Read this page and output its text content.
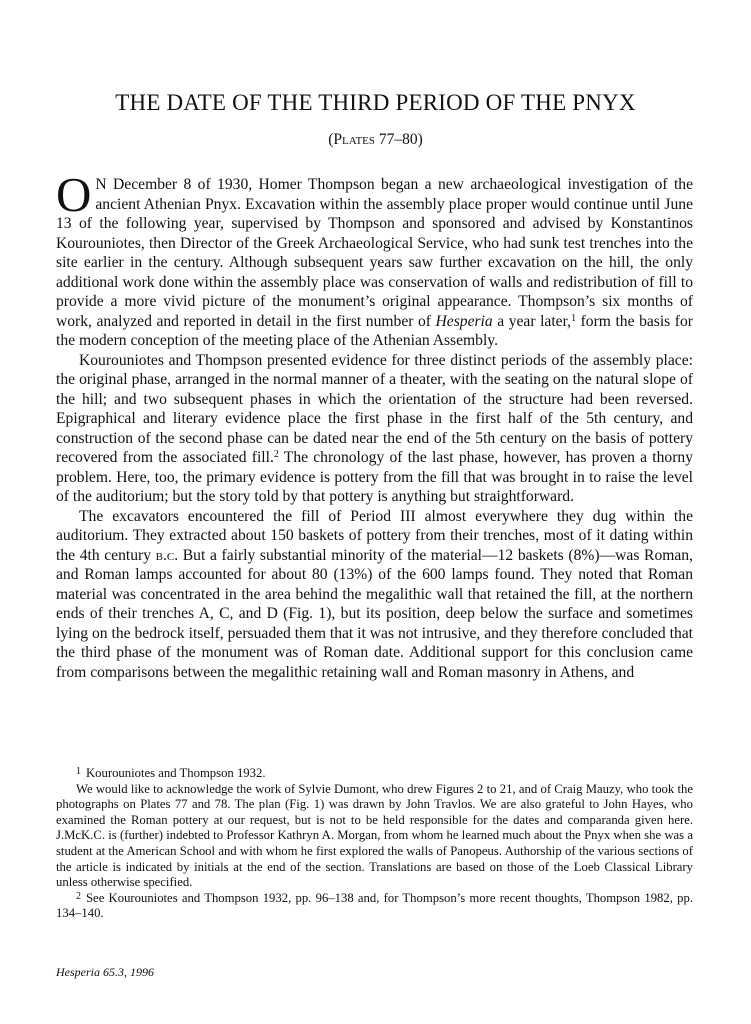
THE DATE OF THE THIRD PERIOD OF THE PNYX
(Plates 77–80)

O N December 8 of 1930, Homer Thompson began a new archaeological investigation of the ancient Athenian Pnyx. Excavation within the assembly place proper would continue until June 13 of the following year, supervised by Thompson and sponsored and advised by Konstantinos Kourouniotes, then Director of the Greek Archaeological Service, who had sunk test trenches into the site earlier in the century. Although subsequent years saw further excavation on the hill, the only additional work done within the assembly place was conservation of walls and redistribution of fill to provide a more vivid picture of the monument’s original appearance. Thompson’s six months of work, analyzed and reported in detail in the first number of Hesperia a year later,$^1$ form the basis for the modern conception of the meeting place of the Athenian Assembly.

Kourouniotes and Thompson presented evidence for three distinct periods of the assembly place: the original phase, arranged in the normal manner of a theater, with the seating on the natural slope of the hill; and two subsequent phases in which the orientation of the structure had been reversed. Epigraphical and literary evidence place the first phase in the first half of the 5th century, and construction of the second phase can be dated near the end of the 5th century on the basis of pottery recovered from the associated fill.$^2$ The chronology of the last phase, however, has proven a thorny problem. Here, too, the primary evidence is pottery from the fill that was brought in to raise the level of the auditorium; but the story told by that pottery is anything but straightforward.

The excavators encountered the fill of Period III almost everywhere they dug within the auditorium. They extracted about 150 baskets of pottery from their trenches, most of it dating within the 4th century b.c. But a fairly substantial minority of the material—12 baskets (8%)—was Roman, and Roman lamps accounted for about 80 (13%) of the 600 lamps found. They noted that Roman material was concentrated in the area behind the megalithic wall that retained the fill, at the northern ends of their trenches A, C, and D (Fig. 1), but its position, deep below the surface and sometimes lying on the bedrock itself, persuaded them that it was not intrusive, and they therefore concluded that the third phase of the monument was of Roman date. Additional support for this conclusion came from comparisons between the megalithic retaining wall and Roman masonry in Athens, and

$^1$ Kourouniotes and Thompson 1932.

We would like to acknowledge the work of Sylvie Dumont, who drew Figures 2 to 21, and of Craig Mauzy, who took the photographs on Plates 77 and 78. The plan (Fig. 1) was drawn by John Travlos. We are also grateful to John Hayes, who examined the Roman pottery at our request, but is not to be held responsible for the dates and comparanda given here. J.McK.C. is (further) indebted to Professor Kathryn A. Morgan, from whom he learned much about the Pnyx when she was a student at the American School and with whom he first explored the walls of Panopeus. Authorship of the various sections of the article is indicated by initials at the end of the section. Translations are based on those of the Loeb Classical Library unless otherwise specified.

$^2$ See Kourouniotes and Thompson 1932, pp. 96–138 and, for Thompson’s more recent thoughts, Thompson 1982, pp. 134–140.

Hesperia 65.3, 1996
